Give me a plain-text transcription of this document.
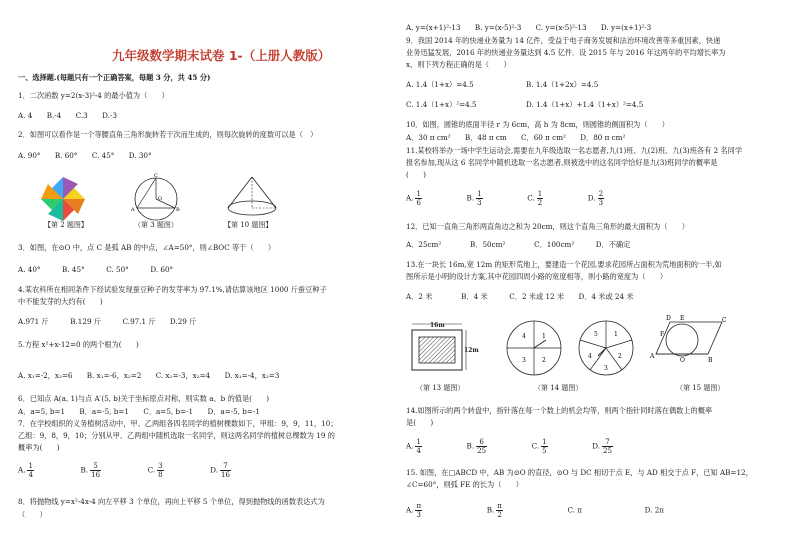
九年级数学期末试卷 1-（上册人教版）
一、选择题.(每题只有一个正确答案，每题 3 分，共 45 分)
1．二次函数 y=2(x-3)²-4 的最小值为（　　）
A. 4　　B.-4　　C.3　　D.-3
2．如图可以看作是一个等腰直角三角形旋转若干次而生成的，则每次旋转的度数可以是（　）
A. 90°　　B. 60°　　C. 45°　　D. 30°
【第 2 题图】
C
O
A	B
（第 3 题图）	【第 10 题图】
3．如图，在⊙O 中，点 C 是弧 AB 的中点，∠A=50°，则∠BOC 等于（　　）
A. 40°　　　B. 45°　　　C. 50°　　　D. 60°
4.某农科所在相同条件下经试验发现蚕豆种子的发芽率为 97.1%,请估算该地区 1000 斤蚕豆种子
中不能发芽的大约有(　　)
A.971 斤　　　B.129 斤　　　C.97.1 斤　　D.29 斤
5.方程 x²+x-12=0 的两个根为(　　)
A. x₁=-2，x₂=6　　B. x₁=-6，x₂=2　　C. x₁=-3，x₂=4　　D. x₁=-4，x₂=3
6．已知点 A(a, 1)与点 A′(5, b)关于坐标原点对称，则实数 a、b 的值是(　　)
A．a=5, b=1　　B．a=-5, b=1　　C．a=5, b=-1　　D．a=-5, b=-1
7．在学校组织的义务植树活动中，甲、乙两组各四名同学的植树棵数如下，甲组：9，9，11，10；
乙组：9，8，9，10；分别从甲、乙两组中随机选取一名同学，则这两名同学的植树总棵数为 19 的
概率为(　　)
A. $\frac{1}{4}$	B. $\frac{5}{16}$	C. $\frac{3}{8}$	D. $\frac{7}{16}$
8．将抛物线 y=x²-4x-4 向左平移 3 个单位，再向上平移 5 个单位，得到抛物线的函数表达式为
（　　）
A. y=(x+1)²-13　　B. y=(x-5)²-3　　C. y=(x-5)²-13　　D. y=(x+1)²-3
9．我国 2014 年的快递业务量为 14 亿件，受益于电子商务发展和法治环境改善等多重因素，快递
业务迅猛发展，2016 年的快递业务量达到 4.5 亿件．设 2015 年与 2016 年这两年的平均增长率为
x，则下列方程正确的是（　　）
A. 1.4（1+x）=4.5	B. 1.4（1+2x）=4.5
C. 1.4（1+x）²=4.5	D. 1.4（1+x）+1.4（1+x）²=4.5
10．如图，圆锥的底面半径 r 为 6cm，高 h 为 8cm，则圆锥的侧面积为（　　）
A．30 π cm²　　B．48 π cm　　C．60 π cm²　　D．80 π cm²
11.某校将举办一场中学生运动会,需要在九年级选取一名志愿者,九(1)班、九(2)班、九(3)班各有 2 名同学
报名参加,现从这 6 名同学中随机选取一名志愿者,则被选中的这名同学恰好是九(3)班同学的概率是
(　　)
A. $\frac{1}{6}$	B. $\frac{1}{3}$	C. $\frac{1}{2}$	D. $\frac{2}{3}$
12．已知一直角三角形两直角边之和为 20cm，则这个直角三角形的最大面积为（　　）
A．25cm²　　　　B．50cm²　　　　C．100cm²　　　D．不确定
13.在一块长 16m,宽 12m 的矩形荒地上，要建造一个花园,要求花园所占面积为荒地面积的一半,如
图所示是小明的设计方案,其中花园四周小路的宽度相等，则小路的宽度为（　　）
A．2 米　　　　B．4 米　　　C．2 米或 12 米　　D．4 米或 24 米
16m
12m
（第 13 题图）
1
2
3
4	1
2
3
4
5
（第 14 题图）
A
B
C
D E
F
O
（第 15 题图）
14.如图所示的两个转盘中，指针落在每一个数上的机会均等，则两个指针同时落在偶数上的概率
是(　　)
A. $\frac{1}{4}$	B. $\frac{6}{25}$	C. $\frac{1}{5}$	D. $\frac{7}{25}$
15. 如图，在□ABCD 中，AB 为⊙O 的直径，⊙O 与 DC 相切于点 E，与 AD 相交于点 F，已知 AB=12，
∠C=60°，则弧 FE 的长为（　　）
A. $\frac{\pi}{3}$	B. $\frac{\pi}{2}$	C. π	D. 2π
